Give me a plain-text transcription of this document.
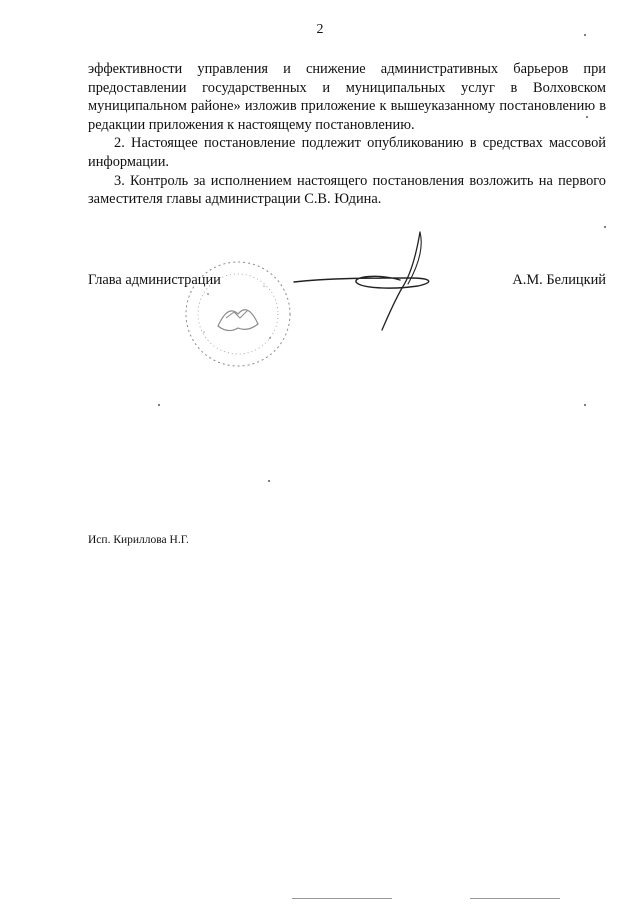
2

эффективности управления и снижение административных барьеров при предоставлении государственных и муниципальных услуг в Волховском муниципальном районе» изложив приложение к вышеуказанному постановлению в редакции приложения к настоящему постановлению.

2. Настоящее постановление подлежит опубликованию в средствах массовой информации.

3. Контроль за исполнением настоящего постановления возложить на первого заместителя главы администрации С.В. Юдина.

Глава администрации	А.М. Белицкий
Исп. Кириллова Н.Г.
